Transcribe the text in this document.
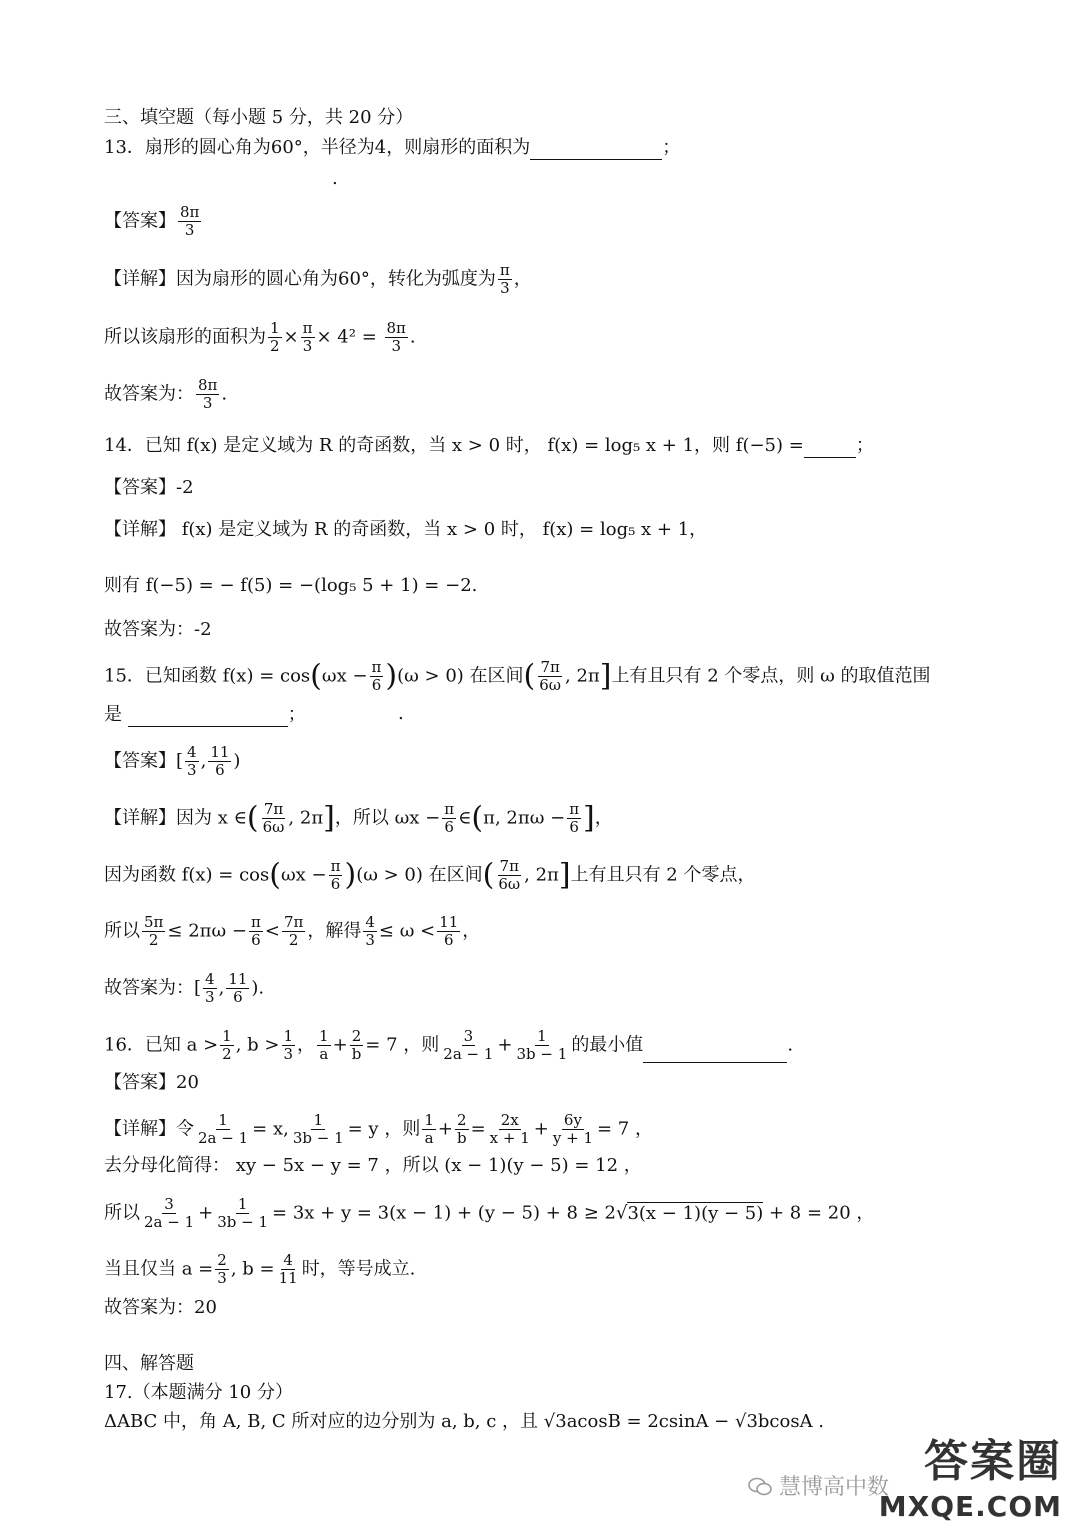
三、填空题（每小题 5 分，共 20 分）
13．扇形的圆心角为60°，半径为4，则扇形的面积为	；
.
【答案】 $\frac{8\pi}{3}$
【详解】因为扇形的圆心角为60°，转化为弧度为 $\frac{\pi}{3}$ ，
所以该扇形的面积为 $\frac{1}{2} \times \frac{\pi}{3} \times 4^2 = \frac{8\pi}{3}$ .
故答案为： $\frac{8\pi}{3}$ .
14．已知 f(x) 是定义域为 R 的奇函数，当 x > 0 时， f(x) = log₅ x + 1，则 f(−5) =	；
【答案】-2
【详解】 f(x) 是定义域为 R 的奇函数，当 x > 0 时， f(x) = log₅ x + 1，
则有 f(−5) = − f(5) = −(log₅ 5 + 1) = −2.
故答案为：-2
15．已知函数 $f(x) = \cos(\omega x - \frac{\pi}{6} )(\omega > 0)$ 在区间( $\frac{7\pi}{6\omega}$ , 2π]上有且只有 2 个零点，则 ω 的取值范围
是	；	.
【答案】[ $\frac{4}{3}$ , $\frac{11}{6}$ )
【详解】因为 x ∈( $\frac{7\pi}{6\omega}$ , 2π]，所以 $\omega x - \frac{\pi}{6}$ ∈(π, $2\pi\omega - \frac{\pi}{6}$ ]，
因为函数 $f(x) = \cos(\omega x - \frac{\pi}{6} )(\omega > 0)$ 在区间( $\frac{7\pi}{6\omega}$ , 2π]上有且只有 2 个零点，
所以 $\frac{5\pi}{2} \le 2\pi\omega - \frac{\pi}{6} < \frac{7\pi}{2}$ ，解得 $\frac{4}{3} \le \omega < \frac{11}{6}$ ，
故答案为：[ $\frac{4}{3}$ , $\frac{11}{6}$ ).
16．已知 $a > \frac{1}{2}$ , $b > \frac{1}{3}$ ， $\frac{1}{a} + \frac{2}{b} = 7$ ，则 $\frac{3}{2a - 1} + \frac{1}{3b - 1}$ 的最小值	.
【答案】20
【详解】令 $\frac{1}{2a - 1} = x$, $\frac{1}{3b - 1} = y$ ，则 $\frac{1}{a} + \frac{2}{b} = \frac{2x}{x + 1} + \frac{6y}{y + 1} = 7$ ，
去分母化简得： xy − 5x − y = 7 ，所以 (x − 1)(y − 5) = 12 ，
所以 $\frac{3}{2a - 1} + \frac{1}{3b - 1} = 3x + y = 3(x - 1) + (y - 5) + 8 \ge 2√3(x - 1)(y - 5) + 8 = 20$ ，
当且仅当 $a = \frac{2}{3}$ , $b = \frac{4}{11}$ 时，等号成立.
故答案为：20
四、解答题
17.（本题满分 10 分）
ΔABC 中，角 A, B, C 所对应的边分别为 a, b, c ，且 √3acosB = 2csinA − √3bcosA .
慧博高中数
答案圈
MXQE.COM
